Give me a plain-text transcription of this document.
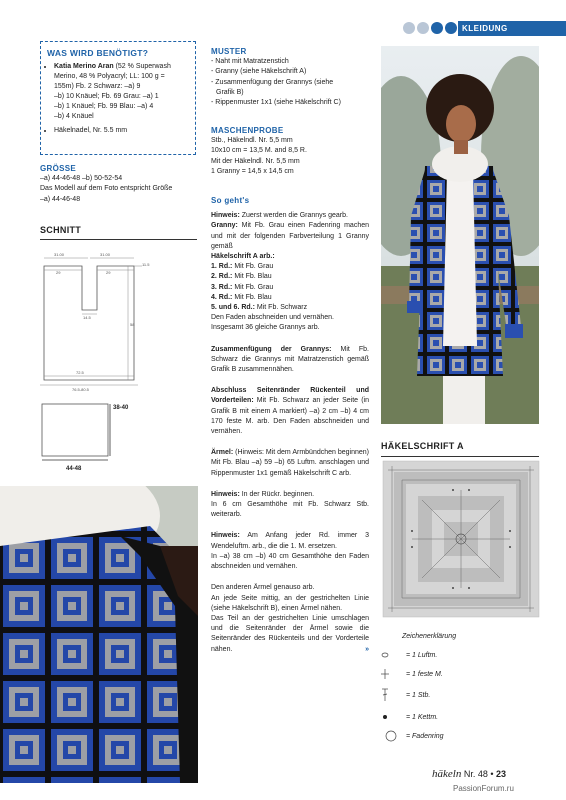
KLEIDUNG
WAS WIRD BENÖTIGT?
• Katia Merino Aran (52 % Superwash
Merino, 48 % Polyacryl; LL: 100 g =
155m) Fb. 2 Schwarz: –a) 9
–b) 10 Knäuel; Fb. 69 Grau: –a) 1
–b) 1 Knäuel; Fb. 99 Blau: –a) 4
–b) 4 Knäuel
• Häkelnadel, Nr. 5.5 mm
GRÖSSE

–a) 44-46-48 –b) 50-52-54

Das Modell auf dem Foto entspricht Größe

–a) 44-46-48

SCHNITT
31.00	31.00
29	29
11.5
14.5
58
72.5
76.5-80.5
38-40
44-48
MUSTER

- Naht mit Matratzenstich

- Granny (siehe Häkelschrift A)

- Zusammenfügung der Grannys (siehe

Grafik B)

- Rippenmuster 1x1 (siehe Häkelschrift C)

MASCHENPROBE

Stb., Häkelndl. Nr. 5,5 mm

10x10 cm = 13,5 M. and 8,5 R.

Mit der Häkelndl. Nr. 5,5 mm

1 Granny = 14,5 x 14,5 cm

So geht's

Hinweis: Zuerst werden die Grannys gearb.

Granny: Mit Fb. Grau einen Fadenring machen und mit der folgenden Farbverteilung 1 Granny gemäß

Häkelschrift A arb.:

1. Rd.: Mit Fb. Grau

2. Rd.: Mit Fb. Blau

3. Rd.: Mit Fb. Grau

4. Rd.: Mit Fb. Blau

5. und 6. Rd.: Mit Fb. Schwarz

Den Faden abschneiden und vernähen.

Insgesamt 36 gleiche Grannys arb.

Zusammenfügung der Grannys: Mit Fb. Schwarz die Grannys mit Matratzenstich gemäß Grafik B zusammennähen.

Abschluss Seitenränder Rückenteil und Vorderteilen: Mit Fb. Schwarz an jeder Seite (in Grafik B mit einem A markiert) –a) 2 cm –b) 4 cm 170 feste M. arb. Den Faden abschneiden und vernähen.

Ärmel: (Hinweis: Mit dem Armbündchen beginnen) Mit Fb. Blau –a) 59 –b) 65 Luftm. anschlagen und Rippenmuster 1x1 gemäß Häkelschrift C arb.

Hinweis: In der Rückr. beginnen.

In 6 cm Gesamthöhe mit Fb. Schwarz Stb. weiterarb.

Hinweis: Am Anfang jeder Rd. immer 3 Wendeluftm. arb., die die 1. M. ersetzen.

In –a) 38 cm –b) 40 cm Gesamthöhe den Faden abschneiden und vernähen.

Den anderen Ärmel genauso arb.

An jede Seite mittig, an der gestrichelten Linie (siehe Häkelschrift B), einen Ärmel nähen.

Das Teil an der gestrichelten Linie umschlagen und die Seitenränder der Ärmel sowie die Seitenränder des Rückenteils und der Vorderteile nähen.	»

HÄKELSCHRIFT A
Zeichenerklärung
= 1 Luftm.
= 1 feste M.
= 1 Stb.
= 1 Kettm.
= Fadenring
häkeln Nr. 48 • 23
PassionForum.ru
